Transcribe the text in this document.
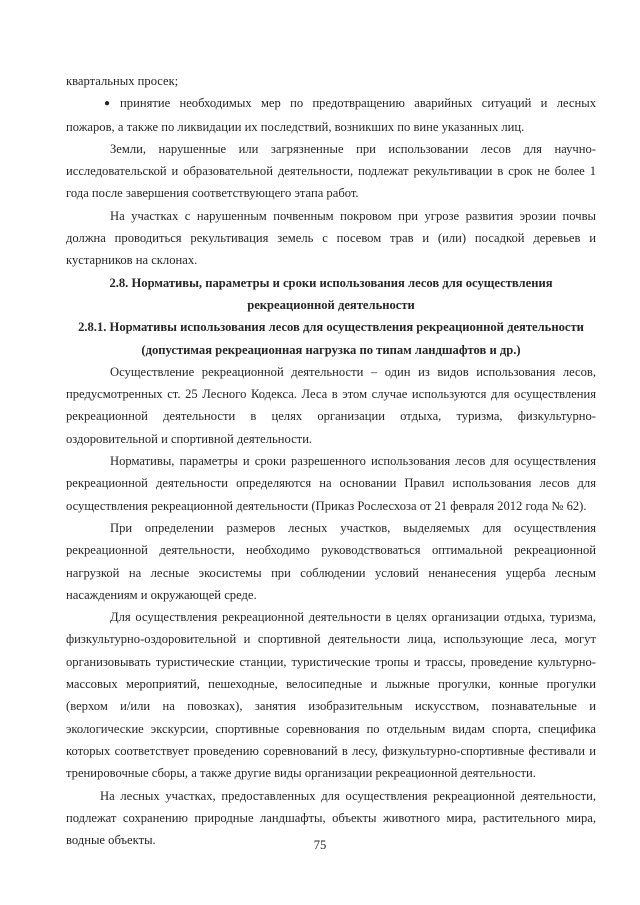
квартальных просек;

● принятие необходимых мер по предотвращению аварийных ситуаций и лесных пожаров, а также по ликвидации их последствий, возникших по вине указанных лиц.

Земли, нарушенные или загрязненные при использовании лесов для научно-исследовательской и образовательной деятельности, подлежат рекультивации в срок не более 1 года после завершения соответствующего этапа работ.

На участках с нарушенным почвенным покровом при угрозе развития эрозии почвы должна проводиться рекультивация земель с посевом трав и (или) посадкой деревьев и кустарников на склонах.

2.8. Нормативы, параметры и сроки использования лесов для осуществления рекреационной деятельности

2.8.1. Нормативы использования лесов для осуществления рекреационной деятельности (допустимая рекреационная нагрузка по типам ландшафтов и др.)

Осуществление рекреационной деятельности – один из видов использования лесов, предусмотренных ст. 25 Лесного Кодекса. Леса в этом случае используются для осуществления рекреационной деятельности в целях организации отдыха, туризма, физкультурно-оздоровительной и спортивной деятельности.

Нормативы, параметры и сроки разрешенного использования лесов для осуществления рекреационной деятельности определяются на основании Правил использования лесов для осуществления рекреационной деятельности (Приказ Рослесхоза от 21 февраля 2012 года № 62).

При определении размеров лесных участков, выделяемых для осуществления рекреационной деятельности, необходимо руководствоваться оптимальной рекреационной нагрузкой на лесные экосистемы при соблюдении условий ненанесения ущерба лесным насаждениям и окружающей среде.

Для осуществления рекреационной деятельности в целях организации отдыха, туризма, физкультурно-оздоровительной и спортивной деятельности лица, использующие леса, могут организовывать туристические станции, туристические тропы и трассы, проведение культурно-массовых мероприятий, пешеходные, велосипедные и лыжные прогулки, конные прогулки (верхом и/или на повозках), занятия изобразительным искусством, познавательные и экологические экскурсии, спортивные соревнования по отдельным видам спорта, специфика которых соответствует проведению соревнований в лесу, физкультурно-спортивные фестивали и тренировочные сборы, а также другие виды организации рекреационной деятельности.

На лесных участках, предоставленных для осуществления рекреационной деятельности, подлежат сохранению природные ландшафты, объекты животного мира, растительного мира, водные объекты.	75
